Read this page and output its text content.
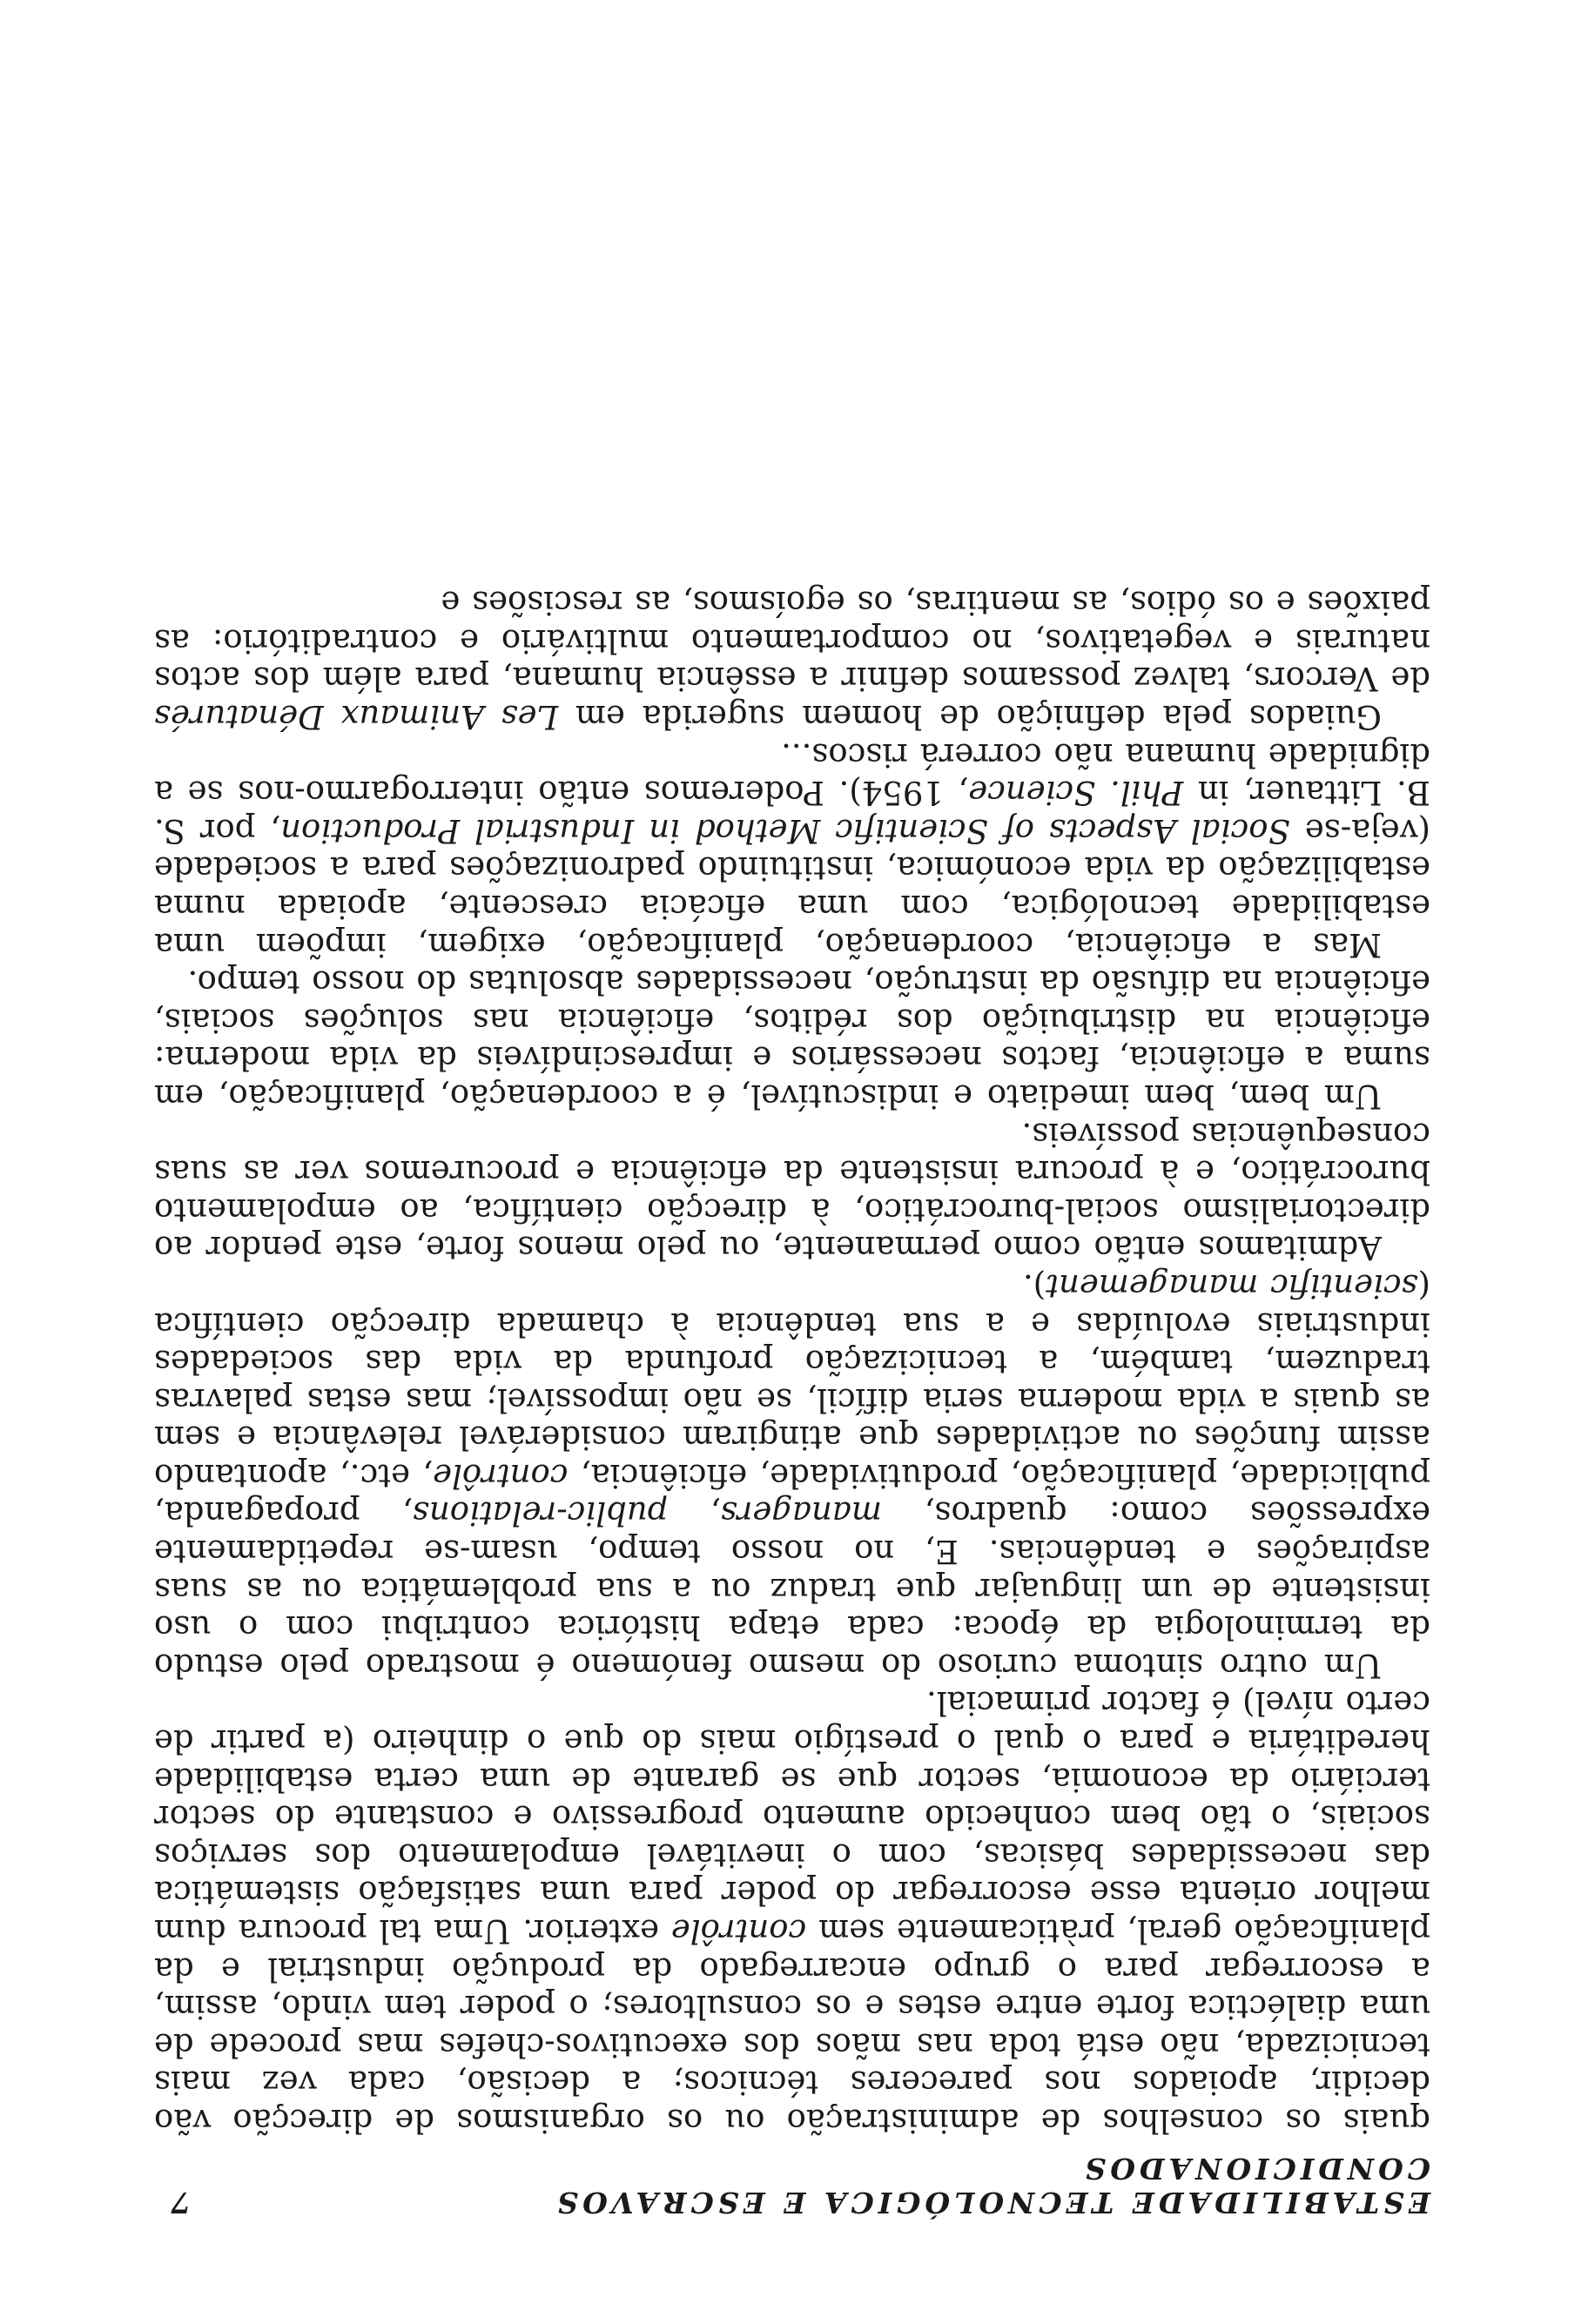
ESTABILIDADE TECNOLÓGICA E ESCRAVOS CONDICIONADOS
7

quais os conselhos de administração ou os organismos de direcção vão decidir, apoiados nos pareceres técnicos; a decisão, cada vez mais tecnicizada, não está toda nas mãos dos executivos-chefes mas procede de uma dialéctica forte entre estes e os consultores; o poder tem vindo, assim, a escorregar para o grupo encarregado da produção industrial e da planificação geral, pràticamente sem contrôle exterior. Uma tal procura dum melhor orienta esse escorregar do poder para uma satisfação sistemática das necessidades básicas, com o inevitável empolamento dos serviços sociais, o tão bem conhecido aumento progressivo e constante do sector terciário da economia, sector que se garante de uma certa estabilidade hereditária e para o qual o prestígio mais do que o dinheiro (a partir de certo nível) é factor primacial.

Um outro sintoma curioso do mesmo fenómeno é mostrado pelo estudo da terminologia da época: cada etapa histórica contribui com o uso insistente de um linguajar que traduz ou a sua problemática ou as suas aspirações e tendências. E, no nosso tempo, usam-se repetidamente expressões como: quadros, managers, public-relations, propaganda, publicidade, planificação, produtividade, eficiência, contrôle, etc., apontando assim funções ou actividades que atingiram considerável relevância e sem as quais a vida moderna seria difícil, se não impossível; mas estas palavras traduzem, também, a tecnicização profunda da vida das sociedades industriais evoluídas e a sua tendência à chamada direcção científica (scientific management).

Admitamos então como permanente, ou pelo menos forte, este pendor ao directorialismo social-burocrático, à direcção científica, ao empolamento burocrático, e à procura insistente da eficiência e procuremos ver as suas consequências possíveis.

Um bem, bem imediato e indiscutível, é a coordenação, planificação, em suma a eficiência, factos necessários e imprescindíveis da vida moderna: eficiência na distribuição dos réditos, eficiência nas soluções sociais, eficiência na difusão da instrução, necessidades absolutas do nosso tempo.

Mas a eficiência, coordenação, planificação, exigem, impõem uma estabilidade tecnológica, com uma eficácia crescente, apoiada numa estabilização da vida económica, instituindo padronizações para a sociedade (veja-se Social Aspects of Scientific Method in Industrial Production, por S. B. Littauer, in Phil. Science, 1954). Poderemos então interrogarmo-nos se a dignidade humana não correrá riscos...

Guiados pela definição de homem sugerida em Les Animaux Dénaturés de Vercors, talvez possamos definir a essência humana, para além dos actos naturais e vegetativos, no comportamento multivário e contraditório: as paixões e os ódios, as mentiras, os egoísmos, as rescisões e
